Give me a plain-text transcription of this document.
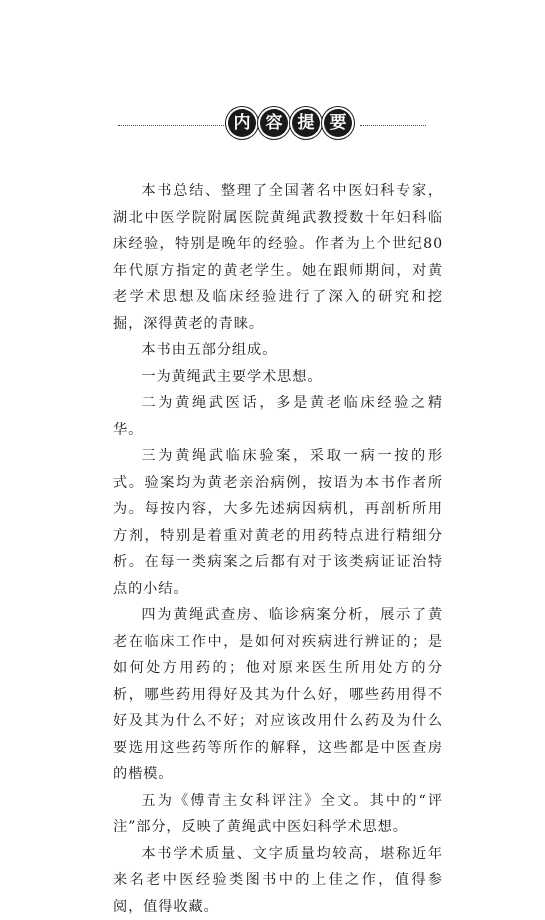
内 容 提 要

本书总结、整理了全国著名中医妇科专家，湖北中医学院附属医院黄绳武教授数十年妇科临床经验，特别是晚年的经验。作者为上个世纪80年代原方指定的黄老学生。她在跟师期间，对黄老学术思想及临床经验进行了深入的研究和挖掘，深得黄老的青睐。

本书由五部分组成。

一为黄绳武主要学术思想。

二为黄绳武医话，多是黄老临床经验之精华。

三为黄绳武临床验案，采取一病一按的形式。验案均为黄老亲治病例，按语为本书作者所为。每按内容，大多先述病因病机，再剖析所用方剂，特别是着重对黄老的用药特点进行精细分析。在每一类病案之后都有对于该类病证证治特点的小结。

四为黄绳武查房、临诊病案分析，展示了黄老在临床工作中，是如何对疾病进行辨证的；是如何处方用药的；他对原来医生所用处方的分析，哪些药用得好及其为什么好，哪些药用得不好及其为什么不好；对应该改用什么药及为什么要选用这些药等所作的解释，这些都是中医查房的楷模。

五为《傅青主女科评注》全文。其中的“评注”部分，反映了黄绳武中医妇科学术思想。

本书学术质量、文字质量均较高，堪称近年来名老中医经验类图书中的上佳之作，值得参阅，值得收藏。
